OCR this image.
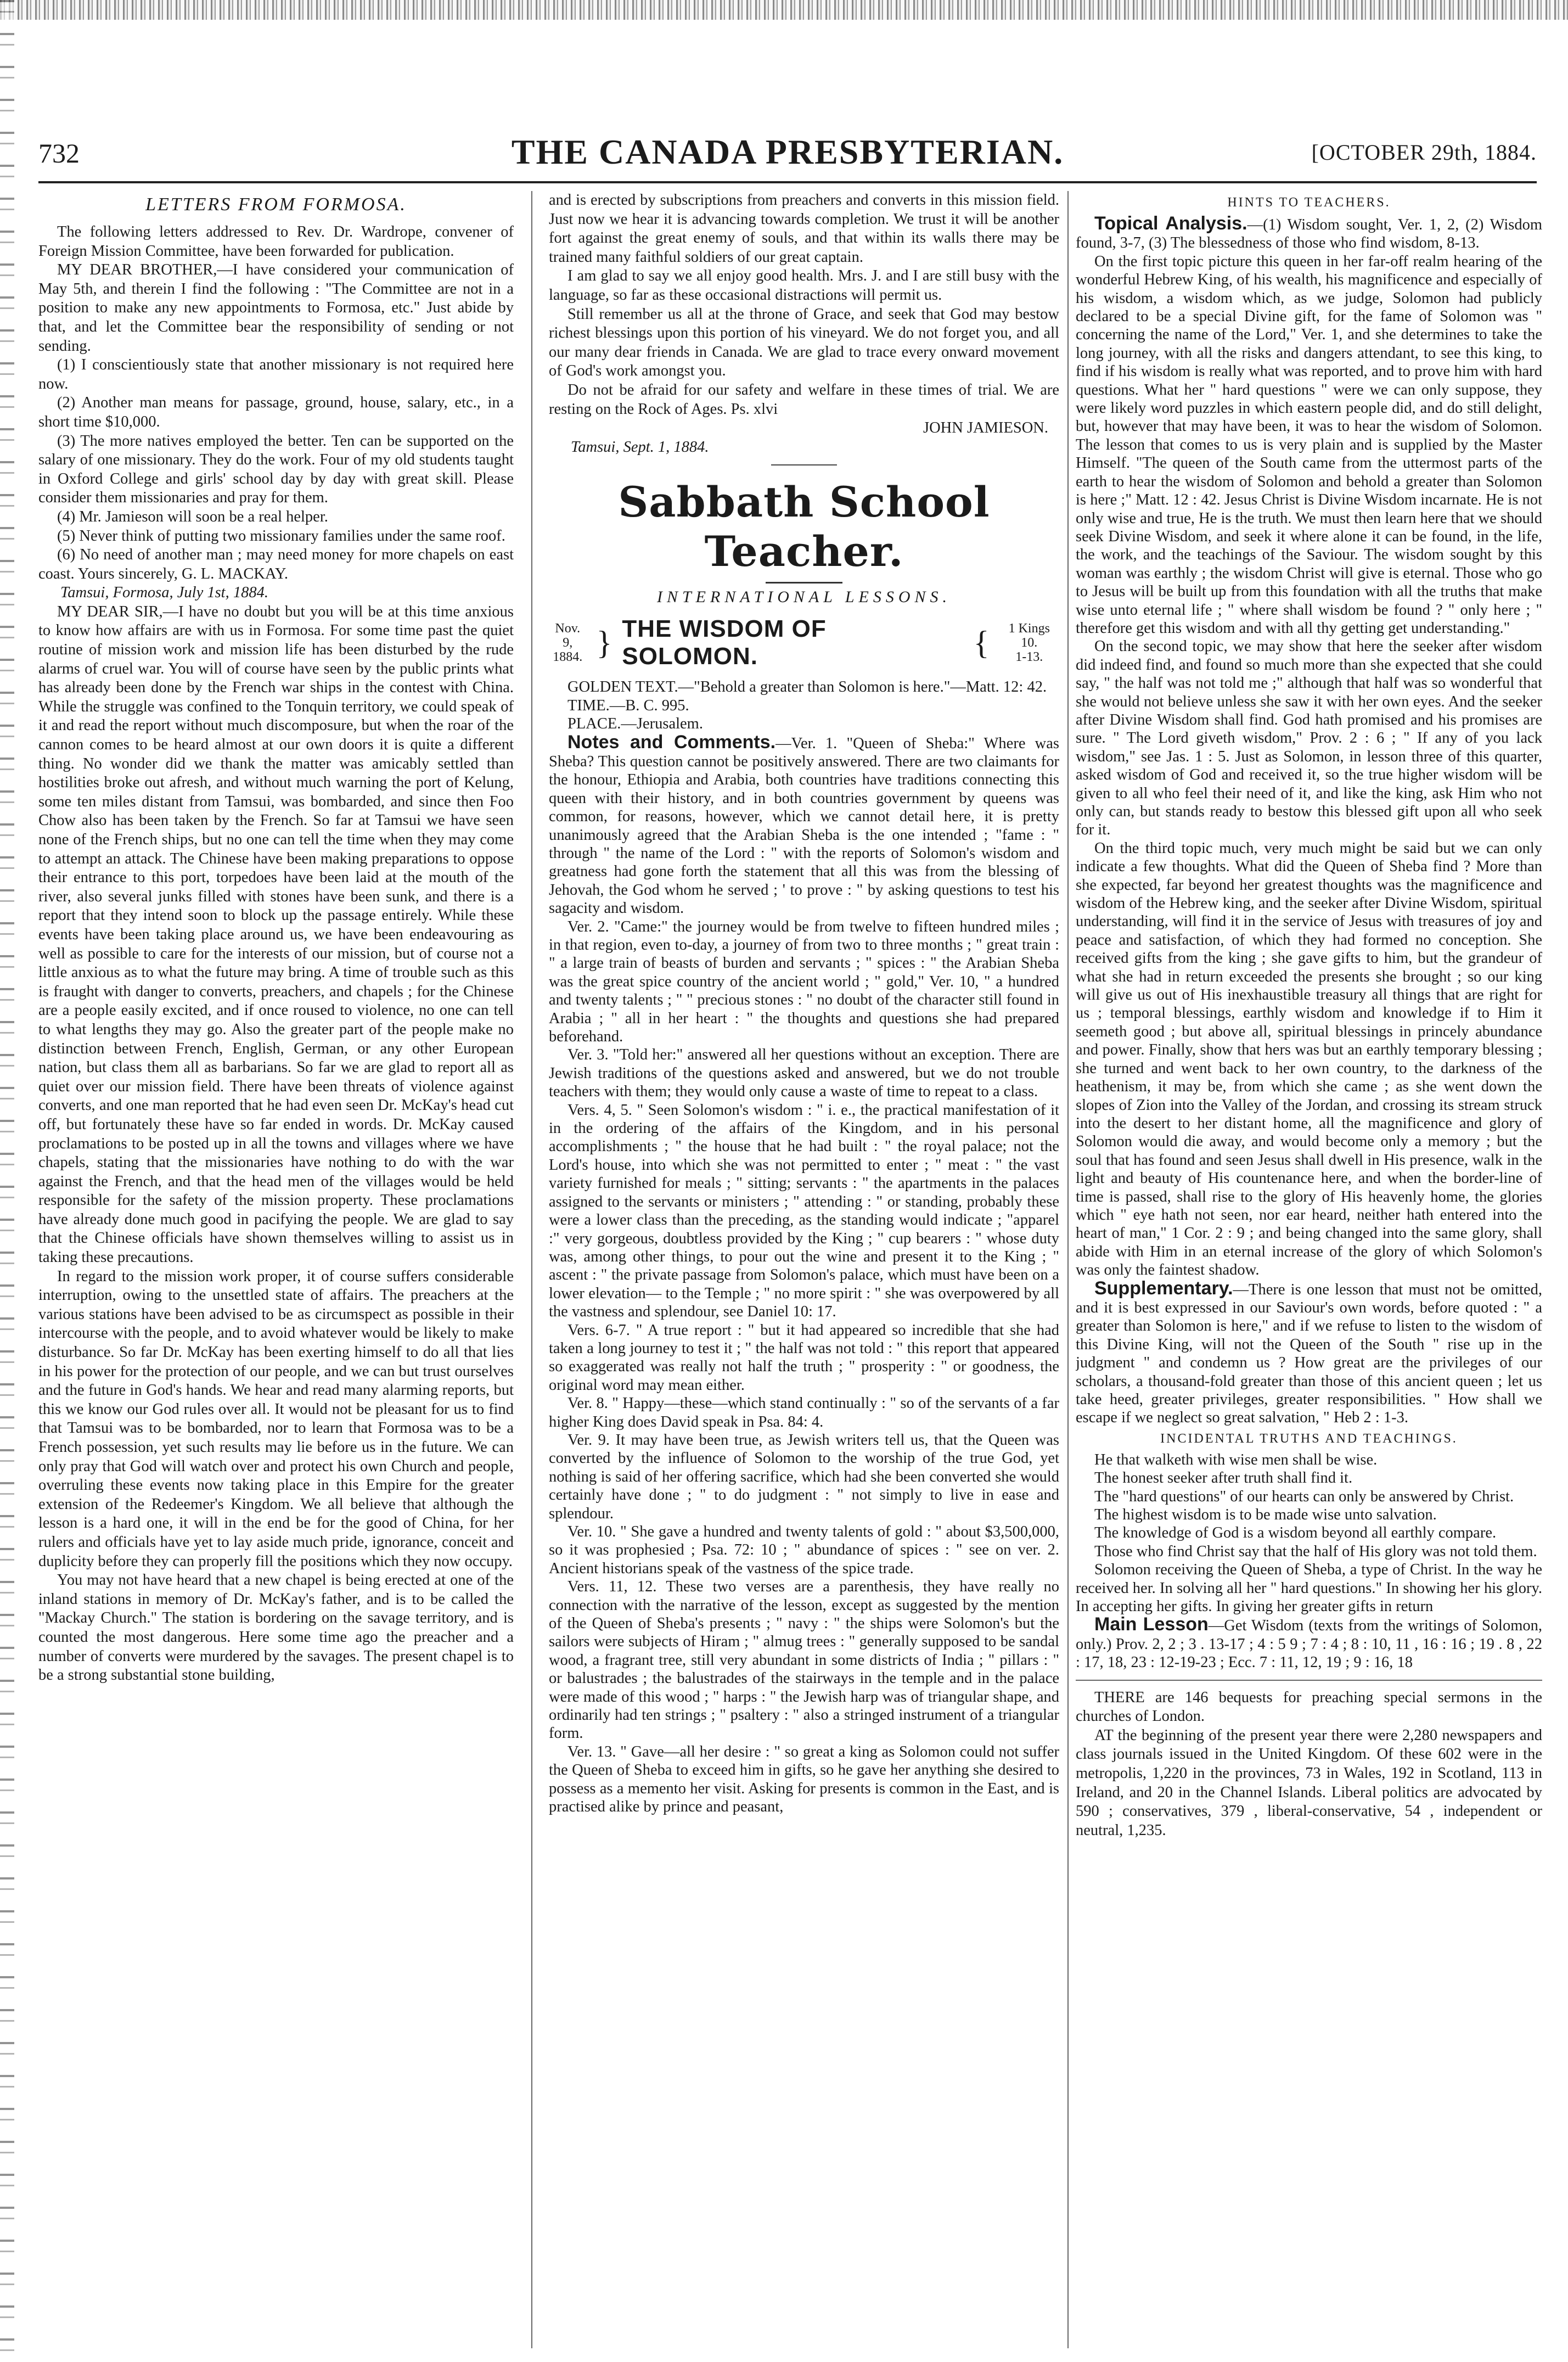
732	THE CANADA PRESBYTERIAN.	[OCTOBER 29th, 1884.
LETTERS FROM FORMOSA.

The following letters addressed to Rev. Dr. Wardrope, convener of Foreign Mission Committee, have been forwarded for publication.

MY DEAR BROTHER,—I have considered your communication of May 5th, and therein I find the following : "The Committee are not in a position to make any new appointments to Formosa, etc." Just abide by that, and let the Committee bear the responsibility of sending or not sending.

(1) I conscientiously state that another missionary is not required here now.

(2) Another man means for passage, ground, house, salary, etc., in a short time $10,000.

(3) The more natives employed the better. Ten can be supported on the salary of one missionary. They do the work. Four of my old students taught in Oxford College and girls' school day by day with great skill. Please consider them missionaries and pray for them.

(4) Mr. Jamieson will soon be a real helper.

(5) Never think of putting two missionary families under the same roof.

(6) No need of another man ; may need money for more chapels on east coast. Yours sincerely, G. L. MACKAY.

Tamsui, Formosa, July 1st, 1884.

MY DEAR SIR,—I have no doubt but you will be at this time anxious to know how affairs are with us in Formosa. For some time past the quiet routine of mission work and mission life has been disturbed by the rude alarms of cruel war. You will of course have seen by the public prints what has already been done by the French war ships in the contest with China. While the struggle was confined to the Tonquin territory, we could speak of it and read the report without much discomposure, but when the roar of the cannon comes to be heard almost at our own doors it is quite a different thing. No wonder did we thank the matter was amicably settled than hostilities broke out afresh, and without much warning the port of Kelung, some ten miles distant from Tamsui, was bombarded, and since then Foo Chow also has been taken by the French. So far at Tamsui we have seen none of the French ships, but no one can tell the time when they may come to attempt an attack. The Chinese have been making preparations to oppose their entrance to this port, torpedoes have been laid at the mouth of the river, also several junks filled with stones have been sunk, and there is a report that they intend soon to block up the passage entirely. While these events have been taking place around us, we have been endeavouring as well as possible to care for the interests of our mission, but of course not a little anxious as to what the future may bring. A time of trouble such as this is fraught with danger to converts, preachers, and chapels ; for the Chinese are a people easily excited, and if once roused to violence, no one can tell to what lengths they may go. Also the greater part of the people make no distinction between French, English, German, or any other European nation, but class them all as barbarians. So far we are glad to report all as quiet over our mission field. There have been threats of violence against converts, and one man reported that he had even seen Dr. McKay's head cut off, but fortunately these have so far ended in words. Dr. McKay caused proclamations to be posted up in all the towns and villages where we have chapels, stating that the missionaries have nothing to do with the war against the French, and that the head men of the villages would be held responsible for the safety of the mission property. These proclamations have already done much good in pacifying the people. We are glad to say that the Chinese officials have shown themselves willing to assist us in taking these precautions.

In regard to the mission work proper, it of course suffers considerable interruption, owing to the unsettled state of affairs. The preachers at the various stations have been advised to be as circumspect as possible in their intercourse with the people, and to avoid whatever would be likely to make disturbance. So far Dr. McKay has been exerting himself to do all that lies in his power for the protection of our people, and we can but trust ourselves and the future in God's hands. We hear and read many alarming reports, but this we know our God rules over all. It would not be pleasant for us to find that Tamsui was to be bombarded, nor to learn that Formosa was to be a French possession, yet such results may lie before us in the future. We can only pray that God will watch over and protect his own Church and people, overruling these events now taking place in this Empire for the greater extension of the Redeemer's Kingdom. We all believe that although the lesson is a hard one, it will in the end be for the good of China, for her rulers and officials have yet to lay aside much pride, ignorance, conceit and duplicity before they can properly fill the positions which they now occupy.

You may not have heard that a new chapel is being erected at one of the inland stations in memory of Dr. McKay's father, and is to be called the "Mackay Church." The station is bordering on the savage territory, and is counted the most dangerous. Here some time ago the preacher and a number of converts were murdered by the savages. The present chapel is to be a strong substantial stone building,

and is erected by subscriptions from preachers and converts in this mission field. Just now we hear it is advancing towards completion. We trust it will be another fort against the great enemy of souls, and that within its walls there may be trained many faithful soldiers of our great captain.

I am glad to say we all enjoy good health. Mrs. J. and I are still busy with the language, so far as these occasional distractions will permit us.

Still remember us all at the throne of Grace, and seek that God may bestow richest blessings upon this portion of his vineyard. We do not forget you, and all our many dear friends in Canada. We are glad to trace every onward movement of God's work amongst you.

Do not be afraid for our safety and welfare in these times of trial. We are resting on the Rock of Ages. Ps. xlvi

JOHN JAMIESON.
Tamsui, Sept. 1, 1884.
Sabbath School Teacher.
INTERNATIONAL LESSONS.
Nov. 9,
1884. } THE WISDOM OF SOLOMON.	{	1 Kings 10.
1-13.

GOLDEN TEXT.—"Behold a greater than Solomon is here."—Matt. 12: 42.

TIME.—B. C. 995.

PLACE.—Jerusalem.

Notes and Comments.—Ver. 1. "Queen of Sheba:" Where was Sheba? This question cannot be positively answered. There are two claimants for the honour, Ethiopia and Arabia, both countries have traditions connecting this queen with their history, and in both countries government by queens was common, for reasons, however, which we cannot detail here, it is pretty unanimously agreed that the Arabian Sheba is the one intended ; "fame : " through " the name of the Lord : " with the reports of Solomon's wisdom and greatness had gone forth the statement that all this was from the blessing of Jehovah, the God whom he served ; ' to prove : " by asking questions to test his sagacity and wisdom.

Ver. 2. "Came:" the journey would be from twelve to fifteen hundred miles ; in that region, even to-day, a journey of from two to three months ; " great train : " a large train of beasts of burden and servants ; " spices : " the Arabian Sheba was the great spice country of the ancient world ; " gold," Ver. 10, " a hundred and twenty talents ; " " precious stones : " no doubt of the character still found in Arabia ; " all in her heart : " the thoughts and questions she had prepared beforehand.

Ver. 3. "Told her:" answered all her questions without an exception. There are Jewish traditions of the questions asked and answered, but we do not trouble teachers with them; they would only cause a waste of time to repeat to a class.

Vers. 4, 5. " Seen Solomon's wisdom : " i. e., the practical manifestation of it in the ordering of the affairs of the Kingdom, and in his personal accomplishments ; " the house that he had built : " the royal palace; not the Lord's house, into which she was not permitted to enter ; " meat : " the vast variety furnished for meals ; " sitting; servants : " the apartments in the palaces assigned to the servants or ministers ; " attending : " or standing, probably these were a lower class than the preceding, as the standing would indicate ; "apparel :" very gorgeous, doubtless provided by the King ; " cup bearers : " whose duty was, among other things, to pour out the wine and present it to the King ; " ascent : " the private passage from Solomon's palace, which must have been on a lower elevation— to the Temple ; " no more spirit : " she was overpowered by all the vastness and splendour, see Daniel 10: 17.

Vers. 6-7. " A true report : " but it had appeared so incredible that she had taken a long journey to test it ; " the half was not told : " this report that appeared so exaggerated was really not half the truth ; " prosperity : " or goodness, the original word may mean either.

Ver. 8. " Happy—these—which stand continually : " so of the servants of a far higher King does David speak in Psa. 84: 4.

Ver. 9. It may have been true, as Jewish writers tell us, that the Queen was converted by the influence of Solomon to the worship of the true God, yet nothing is said of her offering sacrifice, which had she been converted she would certainly have done ; " to do judgment : " not simply to live in ease and splendour.

Ver. 10. " She gave a hundred and twenty talents of gold : " about $3,500,000, so it was prophesied ; Psa. 72: 10 ; " abundance of spices : " see on ver. 2. Ancient historians speak of the vastness of the spice trade.

Vers. 11, 12. These two verses are a parenthesis, they have really no connection with the narrative of the lesson, except as suggested by the mention of the Queen of Sheba's presents ; " navy : " the ships were Solomon's but the sailors were subjects of Hiram ; " almug trees : " generally supposed to be sandal wood, a fragrant tree, still very abundant in some districts of India ; " pillars : " or balustrades ; the balustrades of the stairways in the temple and in the palace were made of this wood ; " harps : " the Jewish harp was of triangular shape, and ordinarily had ten strings ; " psaltery : " also a stringed instrument of a triangular form.

Ver. 13. " Gave—all her desire : " so great a king as Solomon could not suffer the Queen of Sheba to exceed him in gifts, so he gave her anything she desired to possess as a memento her visit. Asking for presents is common in the East, and is practised alike by prince and peasant,

HINTS TO TEACHERS.

Topical Analysis.—(1) Wisdom sought, Ver. 1, 2, (2) Wisdom found, 3-7, (3) The blessedness of those who find wisdom, 8-13.

On the first topic picture this queen in her far-off realm hearing of the wonderful Hebrew King, of his wealth, his magnificence and especially of his wisdom, a wisdom which, as we judge, Solomon had publicly declared to be a special Divine gift, for the fame of Solomon was " concerning the name of the Lord," Ver. 1, and she determines to take the long journey, with all the risks and dangers attendant, to see this king, to find if his wisdom is really what was reported, and to prove him with hard questions. What her " hard questions " were we can only suppose, they were likely word puzzles in which eastern people did, and do still delight, but, however that may have been, it was to hear the wisdom of Solomon. The lesson that comes to us is very plain and is supplied by the Master Himself. "The queen of the South came from the uttermost parts of the earth to hear the wisdom of Solomon and behold a greater than Solomon is here ;" Matt. 12 : 42. Jesus Christ is Divine Wisdom incarnate. He is not only wise and true, He is the truth. We must then learn here that we should seek Divine Wisdom, and seek it where alone it can be found, in the life, the work, and the teachings of the Saviour. The wisdom sought by this woman was earthly ; the wisdom Christ will give is eternal. Those who go to Jesus will be built up from this foundation with all the truths that make wise unto eternal life ; " where shall wisdom be found ? " only here ; " therefore get this wisdom and with all thy getting get understanding."

On the second topic, we may show that here the seeker after wisdom did indeed find, and found so much more than she expected that she could say, " the half was not told me ;" although that half was so wonderful that she would not believe unless she saw it with her own eyes. And the seeker after Divine Wisdom shall find. God hath promised and his promises are sure. " The Lord giveth wisdom," Prov. 2 : 6 ; " If any of you lack wisdom," see Jas. 1 : 5. Just as Solomon, in lesson three of this quarter, asked wisdom of God and received it, so the true higher wisdom will be given to all who feel their need of it, and like the king, ask Him who not only can, but stands ready to bestow this blessed gift upon all who seek for it.

On the third topic much, very much might be said but we can only indicate a few thoughts. What did the Queen of Sheba find ? More than she expected, far beyond her greatest thoughts was the magnificence and wisdom of the Hebrew king, and the seeker after Divine Wisdom, spiritual understanding, will find it in the service of Jesus with treasures of joy and peace and satisfaction, of which they had formed no conception. She received gifts from the king ; she gave gifts to him, but the grandeur of what she had in return exceeded the presents she brought ; so our king will give us out of His inexhaustible treasury all things that are right for us ; temporal blessings, earthly wisdom and knowledge if to Him it seemeth good ; but above all, spiritual blessings in princely abundance and power. Finally, show that hers was but an earthly temporary blessing ; she turned and went back to her own country, to the darkness of the heathenism, it may be, from which she came ; as she went down the slopes of Zion into the Valley of the Jordan, and crossing its stream struck into the desert to her distant home, all the magnificence and glory of Solomon would die away, and would become only a memory ; but the soul that has found and seen Jesus shall dwell in His presence, walk in the light and beauty of His countenance here, and when the border-line of time is passed, shall rise to the glory of His heavenly home, the glories which " eye hath not seen, nor ear heard, neither hath entered into the heart of man," 1 Cor. 2 : 9 ; and being changed into the same glory, shall abide with Him in an eternal increase of the glory of which Solomon's was only the faintest shadow.

Supplementary.—There is one lesson that must not be omitted, and it is best expressed in our Saviour's own words, before quoted : " a greater than Solomon is here," and if we refuse to listen to the wisdom of this Divine King, will not the Queen of the South " rise up in the judgment " and condemn us ? How great are the privileges of our scholars, a thousand-fold greater than those of this ancient queen ; let us take heed, greater privileges, greater responsibilities. " How shall we escape if we neglect so great salvation, " Heb 2 : 1-3.

INCIDENTAL TRUTHS AND TEACHINGS.

He that walketh with wise men shall be wise.

The honest seeker after truth shall find it.

The "hard questions" of our hearts can only be answered by Christ.

The highest wisdom is to be made wise unto salvation.

The knowledge of God is a wisdom beyond all earthly compare.

Those who find Christ say that the half of His glory was not told them.

Solomon receiving the Queen of Sheba, a type of Christ. In the way he received her. In solving all her " hard questions." In showing her his glory. In accepting her gifts. In giving her greater gifts in return

Main Lesson—Get Wisdom (texts from the writings of Solomon, only.) Prov. 2, 2 ; 3 . 13-17 ; 4 : 5 9 ; 7 : 4 ; 8 : 10, 11 , 16 : 16 ; 19 . 8 , 22 : 17, 18, 23 : 12-19-23 ; Ecc. 7 : 11, 12, 19 ; 9 : 16, 18

THERE are 146 bequests for preaching special sermons in the churches of London.

AT the beginning of the present year there were 2,280 newspapers and class journals issued in the United Kingdom. Of these 602 were in the metropolis, 1,220 in the provinces, 73 in Wales, 192 in Scotland, 113 in Ireland, and 20 in the Channel Islands. Liberal politics are advocated by 590 ; conservatives, 379 , liberal-conservative, 54 , independent or neutral, 1,235.
